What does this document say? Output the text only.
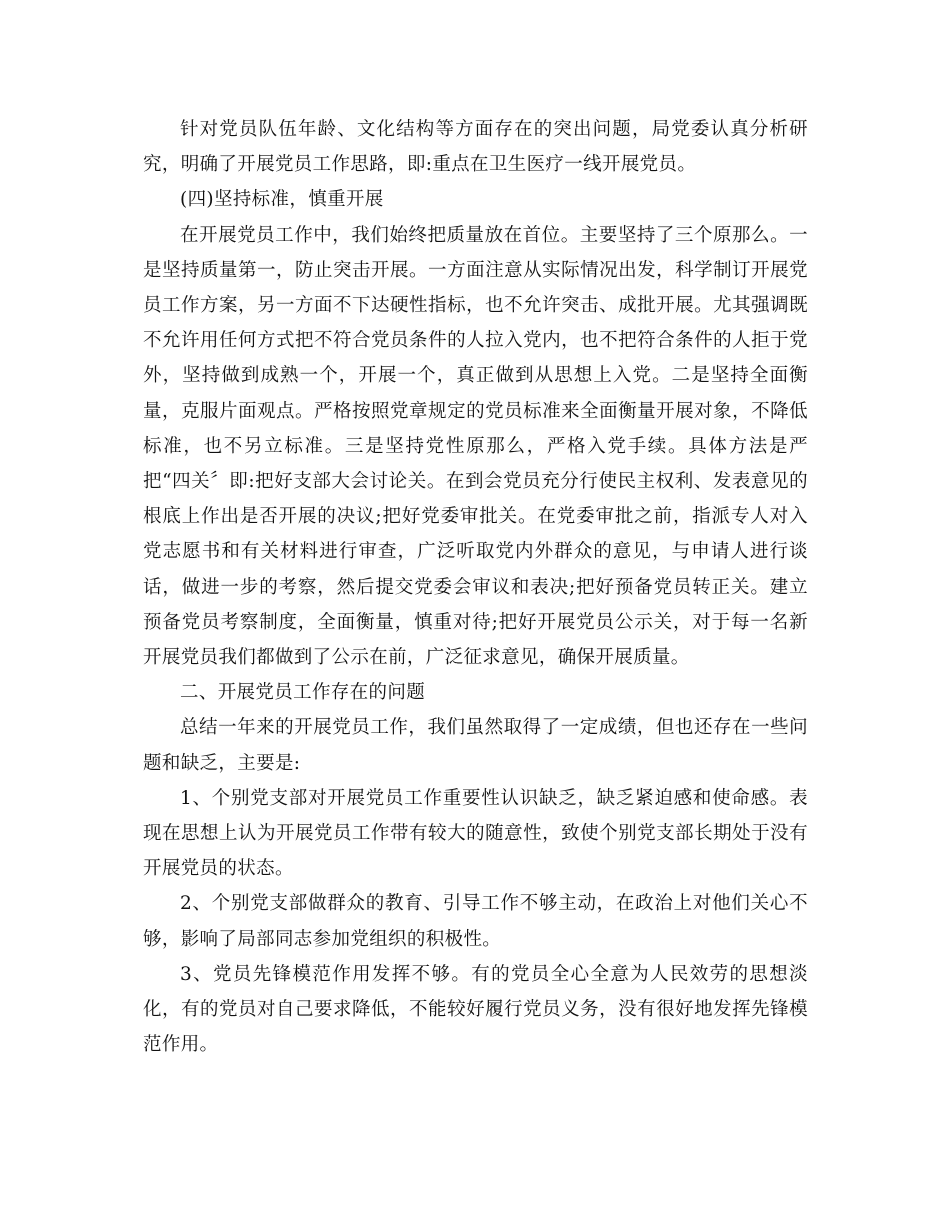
针对党员队伍年龄、文化结构等方面存在的突出问题，局党委认真分析研究，明确了开展党员工作思路，即:重点在卫生医疗一线开展党员。

(四)坚持标准，慎重开展

在开展党员工作中，我们始终把质量放在首位。主要坚持了三个原那么。一是坚持质量第一，防止突击开展。一方面注意从实际情况出发，科学制订开展党员工作方案，另一方面不下达硬性指标，也不允许突击、成批开展。尤其强调既不允许用任何方式把不符合党员条件的人拉入党内，也不把符合条件的人拒于党外，坚持做到成熟一个，开展一个，真正做到从思想上入党。二是坚持全面衡量，克服片面观点。严格按照党章规定的党员标准来全面衡量开展对象，不降低标准，也不另立标准。三是坚持党性原那么，严格入党手续。具体方法是严把“四关〞即:把好支部大会讨论关。在到会党员充分行使民主权利、发表意见的根底上作出是否开展的决议;把好党委审批关。在党委审批之前，指派专人对入党志愿书和有关材料进行审查，广泛听取党内外群众的意见，与申请人进行谈话，做进一步的考察，然后提交党委会审议和表决;把好预备党员转正关。建立预备党员考察制度，全面衡量，慎重对待;把好开展党员公示关，对于每一名新开展党员我们都做到了公示在前，广泛征求意见，确保开展质量。

二、开展党员工作存在的问题

总结一年来的开展党员工作，我们虽然取得了一定成绩，但也还存在一些问题和缺乏，主要是:

1、个别党支部对开展党员工作重要性认识缺乏，缺乏紧迫感和使命感。表现在思想上认为开展党员工作带有较大的随意性，致使个别党支部长期处于没有开展党员的状态。

2、个别党支部做群众的教育、引导工作不够主动，在政治上对他们关心不够，影响了局部同志参加党组织的积极性。

3、党员先锋模范作用发挥不够。有的党员全心全意为人民效劳的思想淡化，有的党员对自己要求降低，不能较好履行党员义务，没有很好地发挥先锋模范作用。
